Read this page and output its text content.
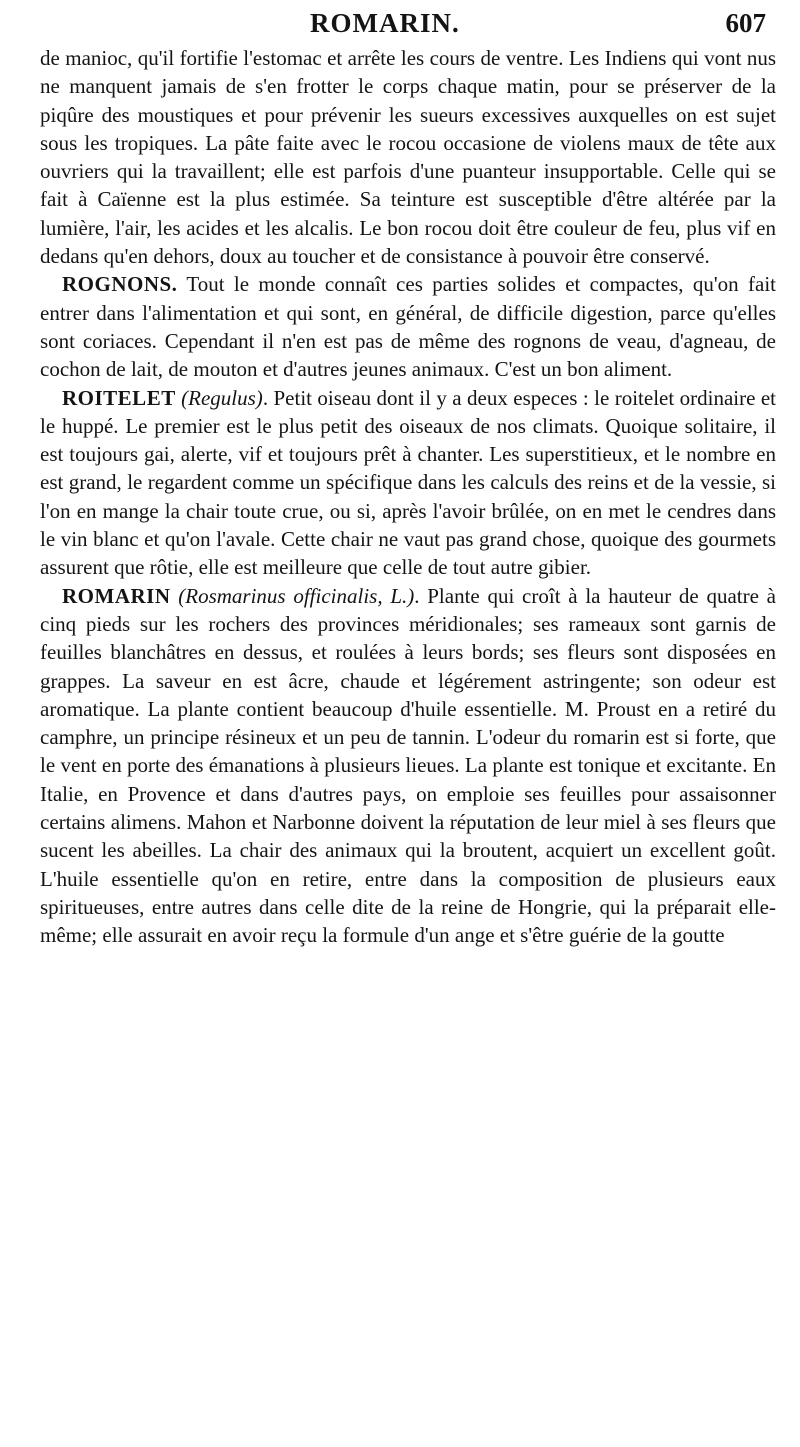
ROMARIN.	607

de manioc, qu'il fortifie l'estomac et arrête les cours de ventre. Les Indiens qui vont nus ne manquent jamais de s'en frotter le corps chaque matin, pour se préserver de la piqûre des moustiques et pour prévenir les sueurs excessives auxquelles on est sujet sous les tropiques. La pâte faite avec le rocou occasione de violens maux de tête aux ouvriers qui la travaillent; elle est parfois d'une puanteur insupportable. Celle qui se fait à Caïenne est la plus estimée. Sa teinture est susceptible d'être altérée par la lumière, l'air, les acides et les alcalis. Le bon rocou doit être couleur de feu, plus vif en dedans qu'en dehors, doux au toucher et de consistance à pouvoir être conservé.

ROGNONS. Tout le monde connaît ces parties solides et compactes, qu'on fait entrer dans l'alimentation et qui sont, en général, de difficile digestion, parce qu'elles sont coriaces. Cependant il n'en est pas de même des rognons de veau, d'agneau, de cochon de lait, de mouton et d'autres jeunes animaux. C'est un bon aliment.

ROITELET (Regulus). Petit oiseau dont il y a deux especes : le roitelet ordinaire et le huppé. Le premier est le plus petit des oiseaux de nos climats. Quoique solitaire, il est toujours gai, alerte, vif et toujours prêt à chanter. Les superstitieux, et le nombre en est grand, le regardent comme un spécifique dans les calculs des reins et de la vessie, si l'on en mange la chair toute crue, ou si, après l'avoir brûlée, on en met le cendres dans le vin blanc et qu'on l'avale. Cette chair ne vaut pas grand chose, quoique des gourmets assurent que rôtie, elle est meilleure que celle de tout autre gibier.

ROMARIN (Rosmarinus officinalis, L.). Plante qui croît à la hauteur de quatre à cinq pieds sur les rochers des provinces méridionales; ses rameaux sont garnis de feuilles blanchâtres en dessus, et roulées à leurs bords; ses fleurs sont disposées en grappes. La saveur en est âcre, chaude et légérement astringente; son odeur est aromatique. La plante contient beaucoup d'huile essentielle. M. Proust en a retiré du camphre, un principe résineux et un peu de tannin. L'odeur du romarin est si forte, que le vent en porte des émanations à plusieurs lieues. La plante est tonique et excitante. En Italie, en Provence et dans d'autres pays, on emploie ses feuilles pour assaisonner certains alimens. Mahon et Narbonne doivent la réputation de leur miel à ses fleurs que sucent les abeilles. La chair des animaux qui la broutent, acquiert un excellent goût. L'huile essentielle qu'on en retire, entre dans la composition de plusieurs eaux spiritueuses, entre autres dans celle dite de la reine de Hongrie, qui la préparait elle-même; elle assurait en avoir reçu la formule d'un ange et s'être guérie de la goutte
